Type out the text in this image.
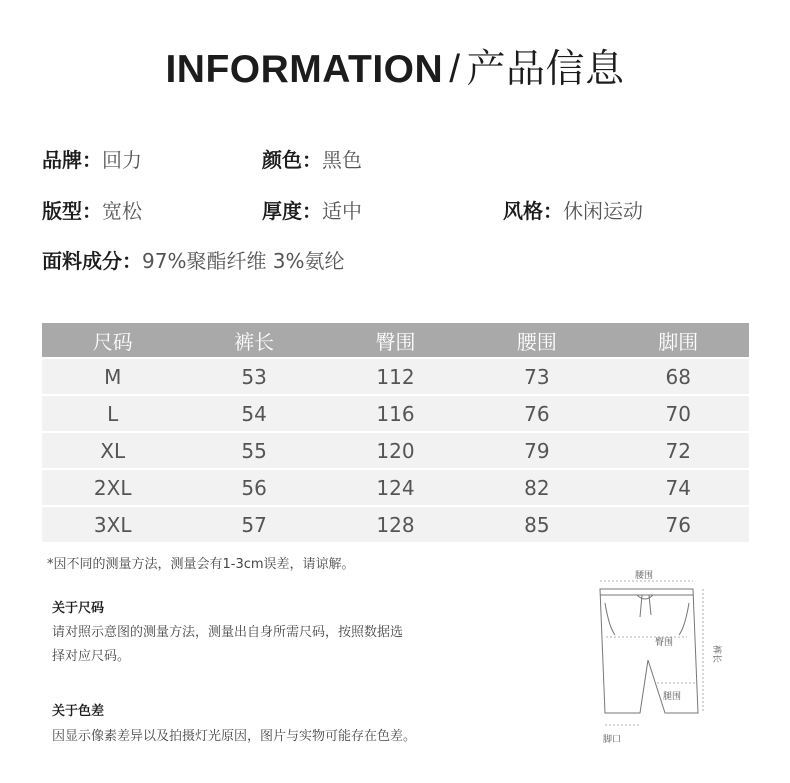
INFORMATION / 产品信息
品牌：回力	颜色：黑色
版型：宽松	厚度：适中	风格：休闲运动
面料成分：97%聚酯纤维 3%氨纶
尺码	裤长	臀围	腰围	脚围
M	53	112	73	68
L	54	116	76	70
XL	55	120	79	72
2XL	56	124	82	74
3XL	57	128	85	76
*因不同的测量方法，测量会有1-3cm误差，请谅解。
关于尺码
请对照示意图的测量方法，测量出自身所需尺码，按照数据选
择对应尺码。
关于色差
因显示像素差异以及拍摄灯光原因，图片与实物可能存在色差。
腰围
臀围
裤长
腿围
脚口
